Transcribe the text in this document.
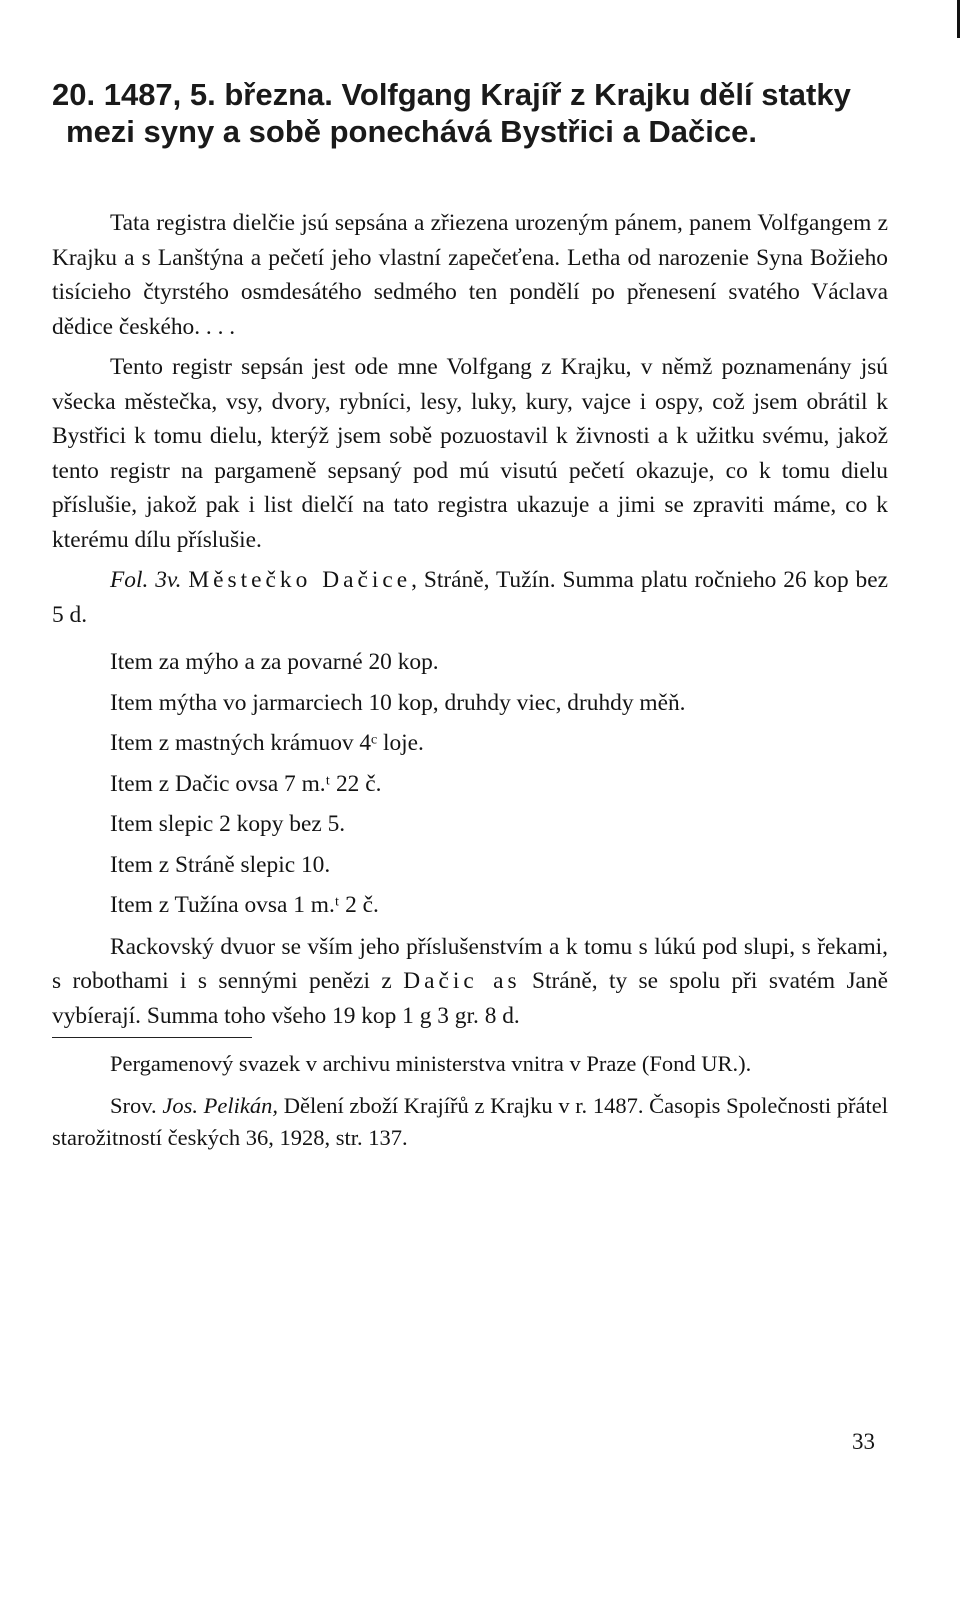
20. 1487, 5. března. Volfgang Krajíř z Krajku dělí statky
mezi syny a sobě ponechává Bystřici a Dačice.

Tata registra dielčie jsú sepsána a zřiezena urozeným pánem, panem Volfgangem z Krajku a s Lanštýna a pečetí jeho vlastní zapečeťena. Letha od narozenie Syna Božieho tisícieho čtyrstého osmdesátého sedmého ten pondělí po přenesení svatého Václava dědice českého. . . .

Tento registr sepsán jest ode mne Volfgang z Krajku, v němž poznamenány jsú všecka městečka, vsy, dvory, rybníci, lesy, luky, kury, vajce i ospy, což jsem obrátil k Bystřici k tomu dielu, kterýž jsem sobě pozuostavil k živnosti a k užitku svému, jakož tento registr na pargameně sepsaný pod mú visutú pečetí okazuje, co k tomu dielu příslušie, jakož pak i list dielčí na tato registra ukazuje a jimi se zpraviti máme, co k kterému dílu příslušie.

Fol. 3v. Městečko Dačice, Stráně, Tužín. Summa platu ročnieho 26 kop bez 5 d.

Item za mýho a za povarné 20 kop.
Item mýtha vo jarmarciech 10 kop, druhdy viec, druhdy měň.
Item z mastných krámuov 4ᶜ loje.
Item z Dačic ovsa 7 m.ᵗ 22 č.
Item slepic 2 kopy bez 5.
Item z Stráně slepic 10.
Item z Tužína ovsa 1 m.ᵗ 2 č.

Rackovský dvuor se vším jeho příslušenstvím a k tomu s lúkú pod slupi, s řekami, s robothami i s sennými penězi z Dačic as Stráně, ty se spolu při svatém Janě vybíerají. Summa toho všeho 19 kop 1 g 3 gr. 8 d.

Pergamenový svazek v archivu ministerstva vnitra v Praze (Fond UR.).

Srov. Jos. Pelikán, Dělení zboží Krajířů z Krajku v r. 1487. Časopis Společnosti přátel starožitností českých 36, 1928, str. 137.

33
